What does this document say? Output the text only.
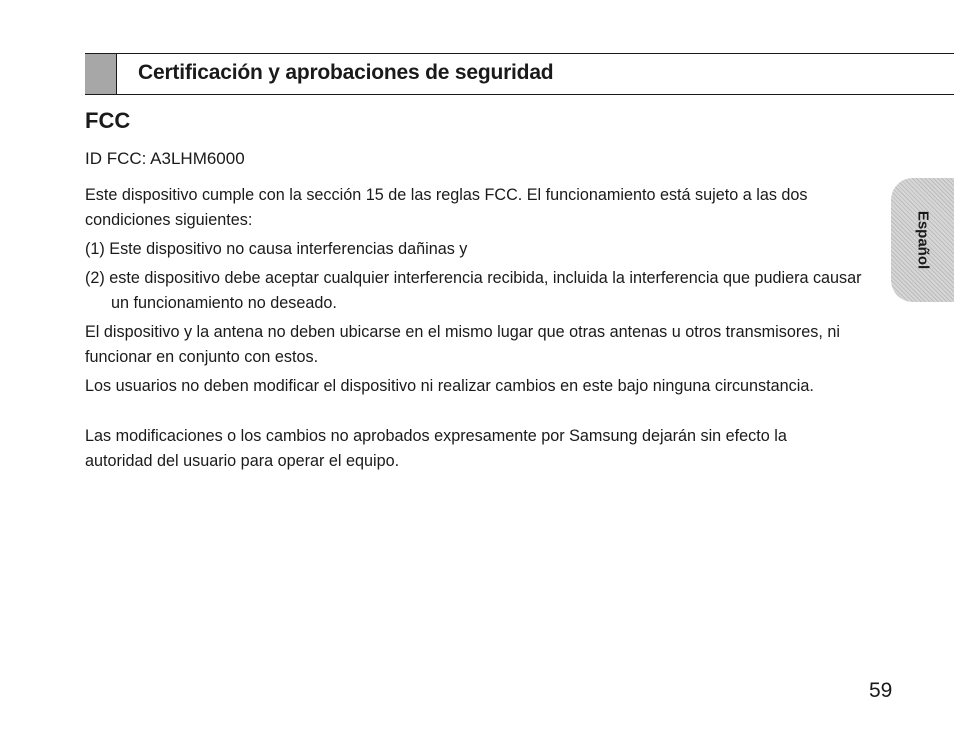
Certificación y aprobaciones de seguridad
FCC
ID FCC: A3LHM6000

Este dispositivo cumple con la sección 15 de las reglas FCC. El funcionamiento está sujeto a las dos condiciones siguientes:

(1) Este dispositivo no causa interferencias dañinas y

(2) este dispositivo debe aceptar cualquier interferencia recibida, incluida la interferencia que pudiera causar un funcionamiento no deseado.

El dispositivo y la antena no deben ubicarse en el mismo lugar que otras antenas u otros transmisores, ni funcionar en conjunto con estos.

Los usuarios no deben modificar el dispositivo ni realizar cambios en este bajo ninguna circunstancia.

Las modificaciones o los cambios no aprobados expresamente por Samsung dejarán sin efecto la autoridad del usuario para operar el equipo.

Español
59
